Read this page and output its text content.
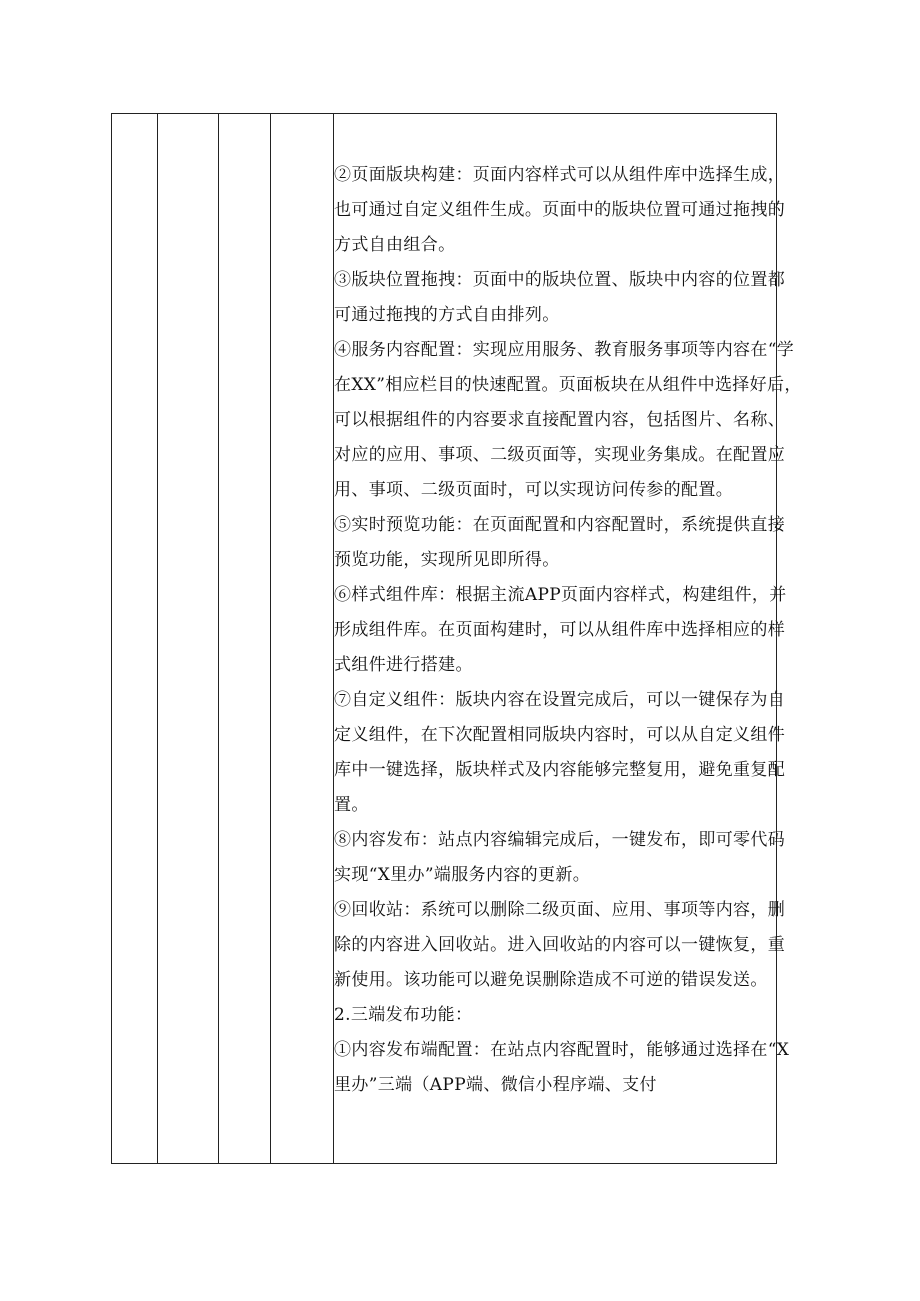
②页面版块构建：页面内容样式可以从组件库中选择生成，
也可通过自定义组件生成。页面中的版块位置可通过拖拽的
方式自由组合。
③版块位置拖拽：页面中的版块位置、版块中内容的位置都
可通过拖拽的方式自由排列。
④服务内容配置：实现应用服务、教育服务事项等内容在“学
在XX”相应栏目的快速配置。页面板块在从组件中选择好后，
可以根据组件的内容要求直接配置内容，包括图片、名称、
对应的应用、事项、二级页面等，实现业务集成。在配置应
用、事项、二级页面时，可以实现访问传参的配置。
⑤实时预览功能：在页面配置和内容配置时，系统提供直接
预览功能，实现所见即所得。
⑥样式组件库：根据主流APP页面内容样式，构建组件，并
形成组件库。在页面构建时，可以从组件库中选择相应的样
式组件进行搭建。
⑦自定义组件：版块内容在设置完成后，可以一键保存为自
定义组件，在下次配置相同版块内容时，可以从自定义组件
库中一键选择，版块样式及内容能够完整复用，避免重复配
置。
⑧内容发布：站点内容编辑完成后，一键发布，即可零代码
实现“X里办”端服务内容的更新。
⑨回收站：系统可以删除二级页面、应用、事项等内容，删
除的内容进入回收站。进入回收站的内容可以一键恢复，重
新使用。该功能可以避免误删除造成不可逆的错误发送。
2.三端发布功能：
①内容发布端配置：在站点内容配置时，能够通过选择在“X
里办”三端（APP端、微信小程序端、支付
